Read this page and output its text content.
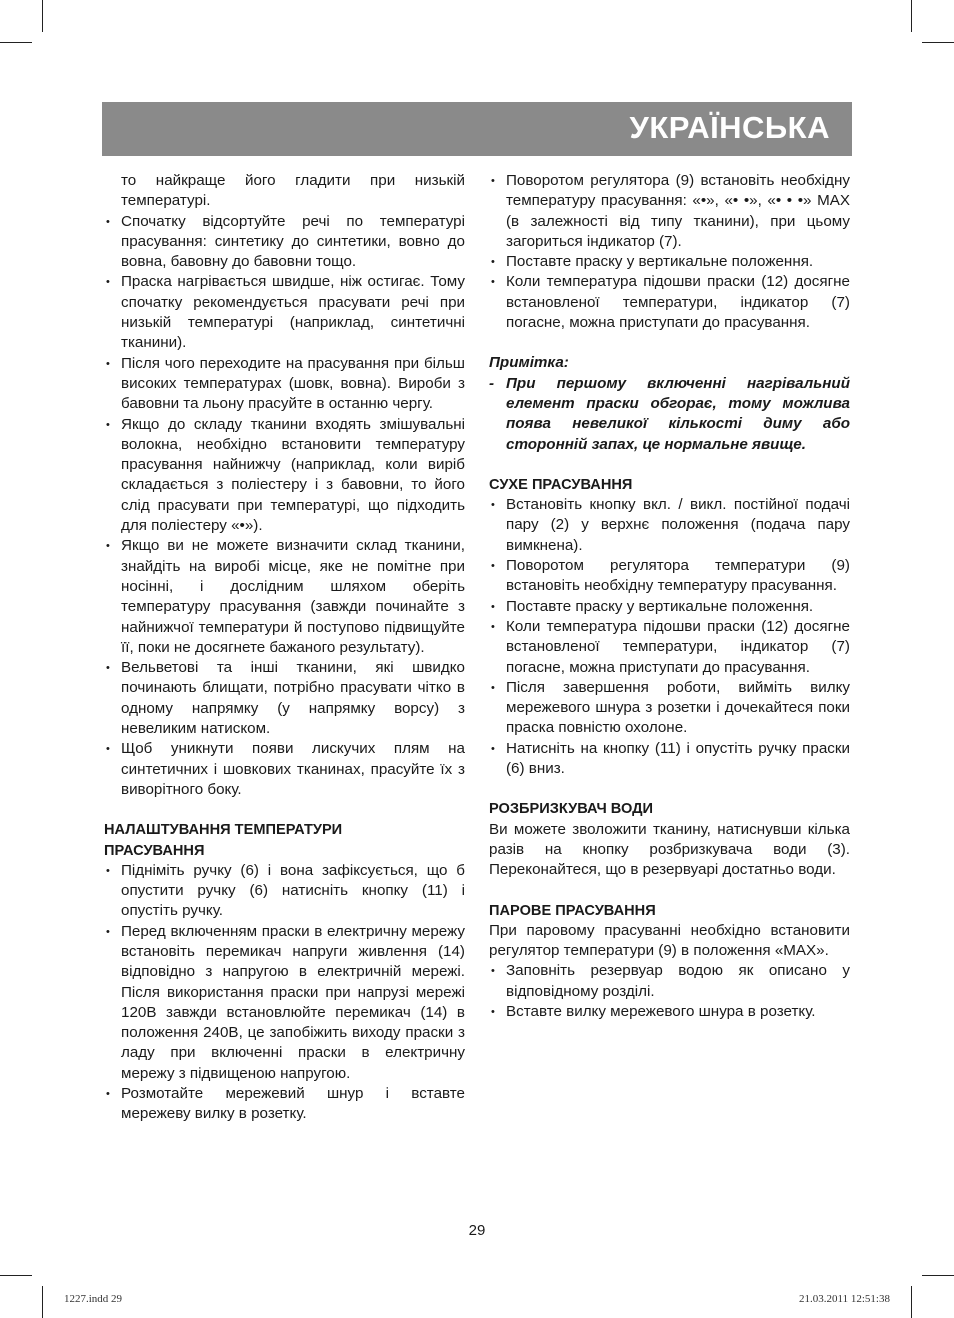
УКРАЇНСЬКА

то найкраще його гладити при низькій температурі.

• Спочатку відсортуйте речі по температурі прасування: синтетику до синтетики, вовно до вовна, бавовну до бавовни тощо.
• Праска нагрівається швидше, ніж остигає. Тому спочатку рекомендується прасувати речі при низькій температурі (наприклад, синтетичні тканини).
• Після чого переходите на прасування при більш високих температурах (шовк, вовна). Вироби з бавовни та льону прасуйте в останню чергу.
• Якщо до складу тканини входять змішувальні волокна, необхідно встановити температуру прасування найнижчу (наприклад, коли виріб складається з поліестеру і з бавовни, то його слід прасувати при температурі, що підходить для поліестеру «•»).
• Якщо ви не можете визначити склад тканини, знайдіть на виробі місце, яке не помітне при носінні, і дослідним шляхом оберіть температуру прасування (завжди починайте з найнижчої температури й поступово підвищуйте її, поки не досягнете бажаного результату).
• Вельветові та інші тканини, які швидко починають блищати, потрібно прасувати чітко в одному напрямку (у напрямку ворсу) з невеликим натиском.
• Щоб уникнути появи лискучих плям на синтетичних і шовкових тканинах, прасуйте їх з виворітного боку.
НАЛАШТУВАННЯ ТЕМПЕРАТУРИ
ПРАСУВАННЯ
• Підніміть ручку (6) і вона зафіксується, що б опустити ручку (6) натисніть кнопку (11) і опустіть ручку.
• Перед включенням праски в електричну мережу встановіть перемикач напруги живлення (14) відповідно з напругою в електричній мережі. Після використання праски при напрузі мережі 120В завжди встановлюйте перемикач (14) в положення 240В, це запобіжить виходу праски з ладу при включенні праски в електричну мережу з підвищеною напругою.
• Розмотайте мережевий шнур і вставте мережеву вилку в розетку.
• Поворотом регулятора (9) встановіть необхідну температуру прасування: «•», «• •», «• • •» MAX (в залежності від типу тканини), при цьому загориться індикатор (7).
• Поставте праску у вертикальне положення.
• Коли температура підошви праски (12) досягне встановленої температури, індикатор (7) погасне, можна приступати до прасування.
Примітка:
- При першому включенні нагрівальний елемент праски обгорає, тому можлива поява невеликої кількості диму або сторонній запах, це нормальне явище.
СУХЕ ПРАСУВАННЯ
• Встановіть кнопку вкл. / викл. постійної подачі пару (2) у верхнє положення (подача пару вимкнена).
• Поворотом регулятора температури (9) встановіть необхідну температуру прасування.
• Поставте праску у вертикальне положення.
• Коли температура підошви праски (12) досягне встановленої температури, індикатор (7) погасне, можна приступати до прасування.
• Після завершення роботи, вийміть вилку мережевого шнура з розетки і дочекайтеся поки праска повністю охолоне.
• Натисніть на кнопку (11) і опустіть ручку праски (6) вниз.
РОЗБРИЗКУВАЧ ВОДИ

Ви можете зволожити тканину, натиснувши кілька разів на кнопку розбризкувача води (3). Переконайтеся, що в резервуарі достатньо води.

ПАРОВЕ ПРАСУВАННЯ

При паровому прасуванні необхідно встановити регулятор температури (9) в положення «MAX».

• Заповніть резервуар водою як описано у відповідному розділі.
• Вставте вилку мережевого шнура в розетку.
29
1227.indd 29	21.03.2011 12:51:38
